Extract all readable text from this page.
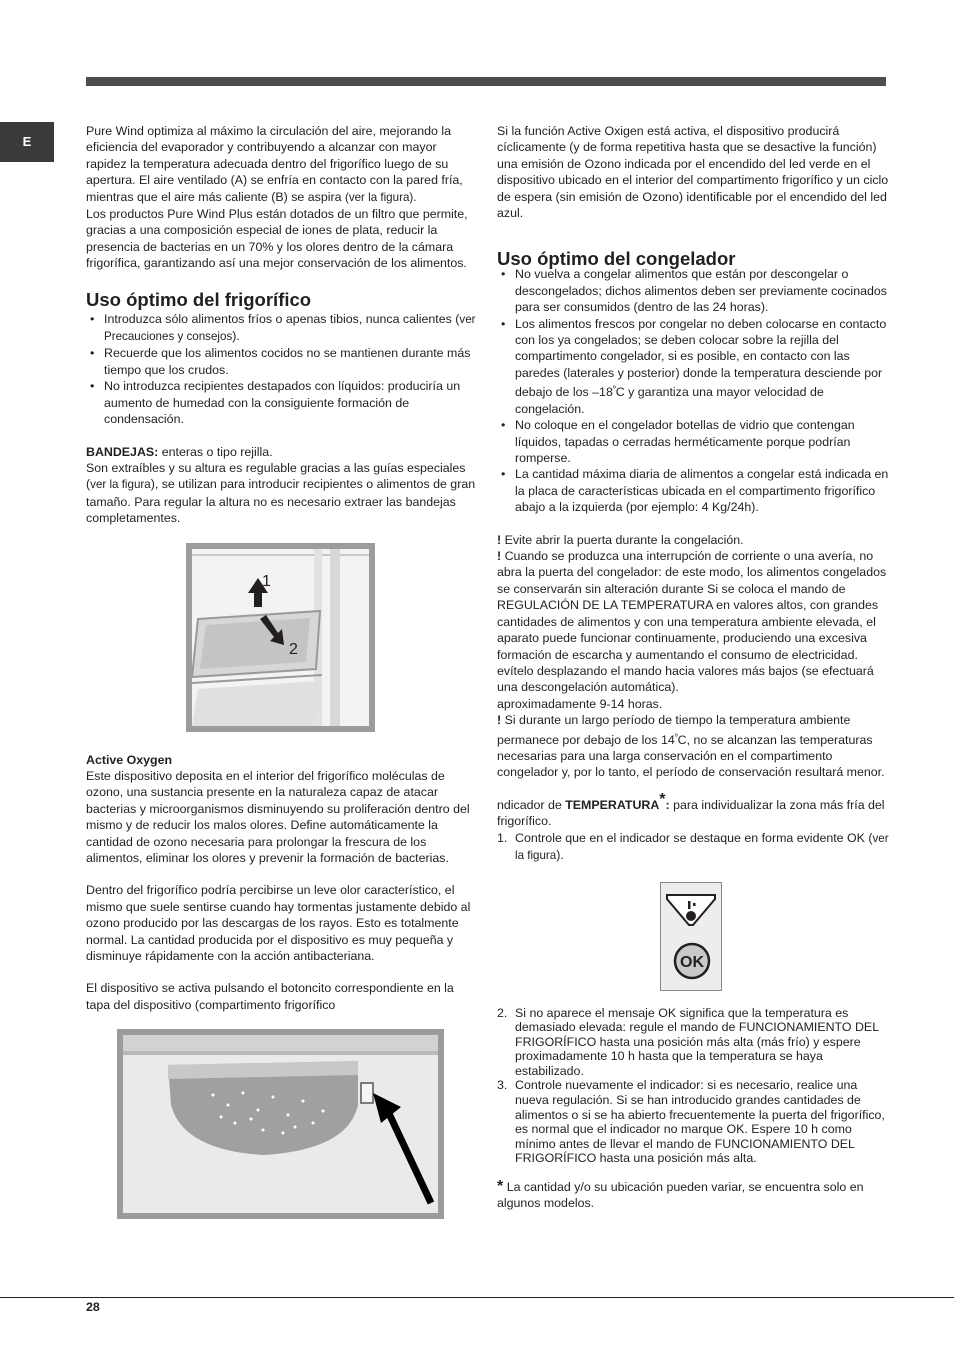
E

Pure Wind optimiza al máximo la circulación del aire, mejorando la eficiencia del evaporador y contribuyendo a alcanzar con mayor rapidez la temperatura adecuada dentro del frigorífico luego de su apertura. El aire ventilado (A) se enfría en contacto con la pared fría, mientras que el aire más caliente (B) se aspira (ver la figura).

Los productos Pure Wind Plus están dotados de un filtro que permite, gracias a una composición especial de iones de plata, reducir la presencia de bacterias en un 70% y los olores dentro de la cámara frigorífica, garantizando así una mejor conservación de los alimentos.

Uso óptimo del frigorífico
• Introduzca sólo alimentos fríos o apenas tibios, nunca calientes (ver Precauciones y consejos).
• Recuerde que los alimentos cocidos no se mantienen durante más tiempo que los crudos.
• No introduzca recipientes destapados con líquidos: produciría un aumento de humedad con la consiguiente formación de condensación.

BANDEJAS: enteras o tipo rejilla.

Son extraíbles y su altura es regulable gracias a las guías especiales (ver la figura), se utilizan para introducir recipientes o alimentos de gran tamaño. Para regular la altura no es necesario extraer las bandejas completamentes.

1
2

Active Oxygen

Este dispositivo deposita en el interior del frigorífico moléculas de ozono, una sustancia presente en la naturaleza capaz de atacar bacterias y microorganismos disminuyendo su proliferación dentro del mismo y de reducir los malos olores. Define automáticamente la cantidad de ozono necesaria para prolongar la frescura de los alimentos, eliminar los olores y prevenir la formación de bacterias.

Dentro del frigorífico podría percibirse un leve olor característico, el mismo que suele sentirse cuando hay tormentas justamente debido al ozono producido por las descargas de los rayos. Esto es totalmente normal. La cantidad producida por el dispositivo es muy pequeña y disminuye rápidamente con la acción antibacteriana.

El dispositivo se activa pulsando el botoncito correspondiente en la tapa del dispositivo (compartimento frigorífico

Si la función Active Oxigen está activa, el dispositivo producirá cíclicamente (y de forma repetitiva hasta que se desactive la función) una emisión de Ozono indicada por el encendido del led verde en el dispositivo ubicado en el interior del compartimento frigorífico y un ciclo de espera (sin emisión de Ozono) identificable por el encendido del led azul.

Uso óptimo del congelador
• No vuelva a congelar alimentos que están por descongelar o descongelados; dichos alimentos deben ser previamente cocinados para ser consumidos (dentro de las 24 horas).
• Los alimentos frescos por congelar no deben colocarse en contacto con los ya congelados; se deben colocar sobre la rejilla del compartimento congelador, si es posible, en contacto con las paredes (laterales y posterior) donde la temperatura desciende por debajo de los $-18^ºC$ y garantiza una mayor velocidad de congelación.
• No coloque en el congelador botellas de vidrio que contengan líquidos, tapadas o cerradas herméticamente porque podrían romperse.
• La cantidad máxima diaria de alimentos a congelar está indicada en la placa de características ubicada en el compartimento frigorífico abajo a la izquierda (por ejemplo: 4 Kg/24h).

! Evite abrir la puerta durante la congelación.

! Cuando se produzca una interrupción de corriente o una avería, no abra la puerta del congelador: de este modo, los alimentos congelados se conservarán sin alteración durante Si se coloca el mando de REGULACIÓN DE LA TEMPERATURA en valores altos, con grandes cantidades de alimentos y con una temperatura ambiente elevada, el aparato puede funcionar continuamente, produciendo una excesiva formación de escarcha y aumentando el consumo de electricidad. evítelo desplazando el mando hacia valores más bajos (se efectuará una descongelación automática).

aproximadamente 9-14 horas.

! Si durante un largo período de tiempo la temperatura ambiente permanece por debajo de los $14^ºC$, no se alcanzan las temperaturas necesarias para una larga conservación en el compartimento congelador y, por lo tanto, el período de conservación resultará menor.

ndicador de TEMPERATURA*: para individualizar la zona más fría del frigorífico.

1. Controle que en el indicador se destaque en forma evidente OK (ver la figura).
OK
2. Si no aparece el mensaje OK significa que la temperatura es demasiado elevada: regule el mando de FUNCIONAMIENTO DEL FRIGORÍFICO hasta una posición más alta (más frío) y espere proximadamente 10 h hasta que la temperatura se haya estabilizado.
3. Controle nuevamente el indicador: si es necesario, realice una nueva regulación. Si se han introducido grandes cantidades de alimentos o si se ha abierto frecuentemente la puerta del frigorífico, es normal que el indicador no marque OK. Espere 10 h como mínimo antes de llevar el mando de FUNCIONAMIENTO DEL FRIGORÍFICO hasta una posición más alta.

* La cantidad y/o su ubicación pueden variar, se encuentra solo en algunos modelos.

28
